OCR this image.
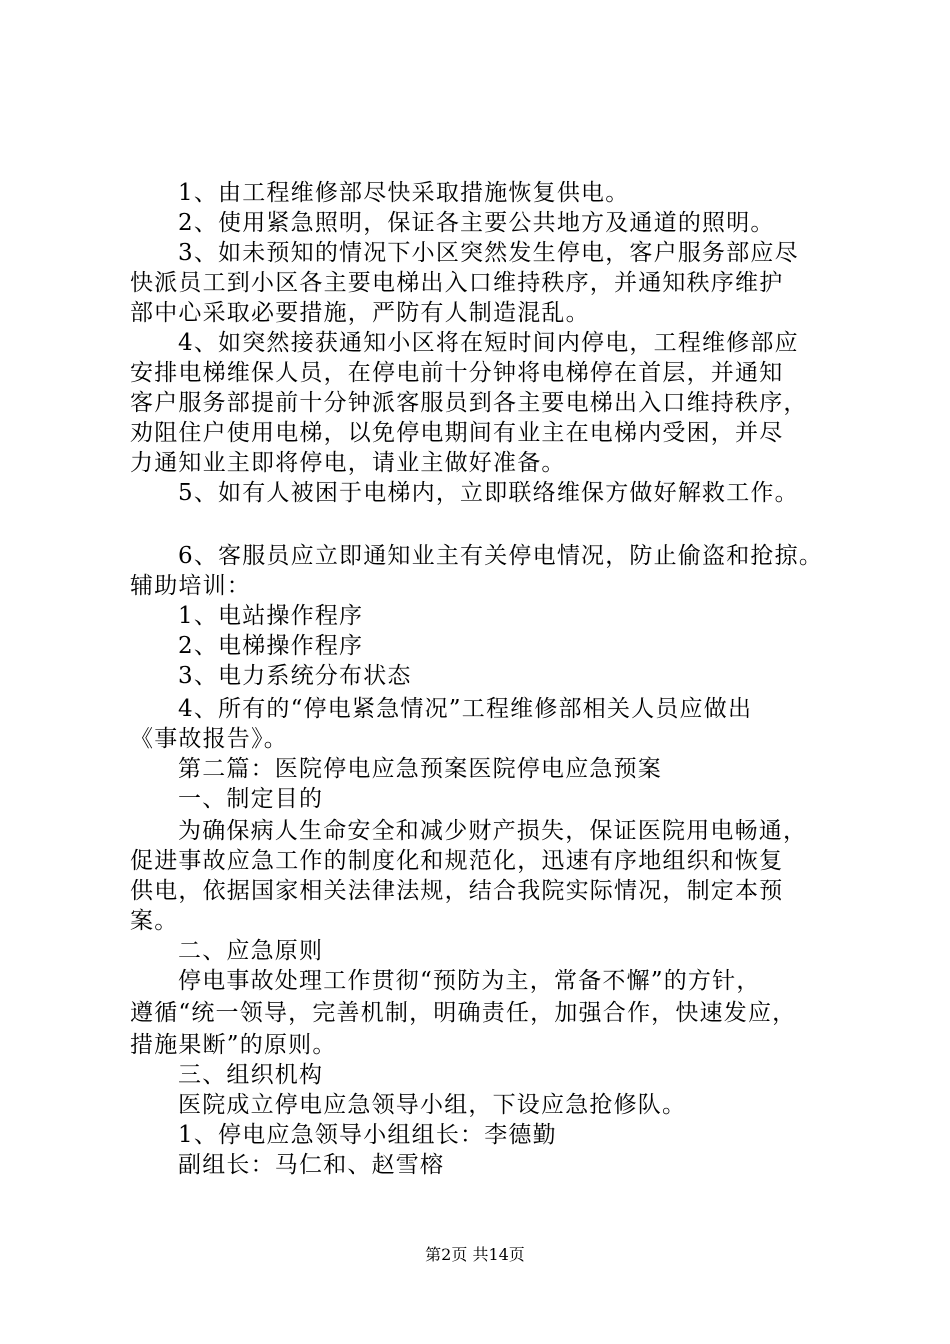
1、由工程维修部尽快采取措施恢复供电。
2、使用紧急照明，保证各主要公共地方及通道的照明。
3、如未预知的情况下小区突然发生停电，客户服务部应尽
快派员工到小区各主要电梯出入口维持秩序，并通知秩序维护
部中心采取必要措施，严防有人制造混乱。
4、如突然接获通知小区将在短时间内停电，工程维修部应
安排电梯维保人员，在停电前十分钟将电梯停在首层，并通知
客户服务部提前十分钟派客服员到各主要电梯出入口维持秩序，
劝阻住户使用电梯，以免停电期间有业主在电梯内受困，并尽
力通知业主即将停电，请业主做好准备。
5、如有人被困于电梯内，立即联络维保方做好解救工作。
6、客服员应立即通知业主有关停电情况，防止偷盗和抢掠。
辅助培训：
1、电站操作程序
2、电梯操作程序
3、电力系统分布状态
4、所有的“停电紧急情况”工程维修部相关人员应做出
《事故报告》。
第二篇：医院停电应急预案医院停电应急预案
一、制定目的
为确保病人生命安全和减少财产损失，保证医院用电畅通，
促进事故应急工作的制度化和规范化，迅速有序地组织和恢复
供电，依据国家相关法律法规，结合我院实际情况，制定本预
案。
二、应急原则
停电事故处理工作贯彻“预防为主，常备不懈”的方针，
遵循“统一领导，完善机制，明确责任，加强合作，快速发应，
措施果断”的原则。
三、组织机构
医院成立停电应急领导小组，下设应急抢修队。
1、停电应急领导小组组长：李德勤
副组长：马仁和、赵雪榕
第2页 共14页
